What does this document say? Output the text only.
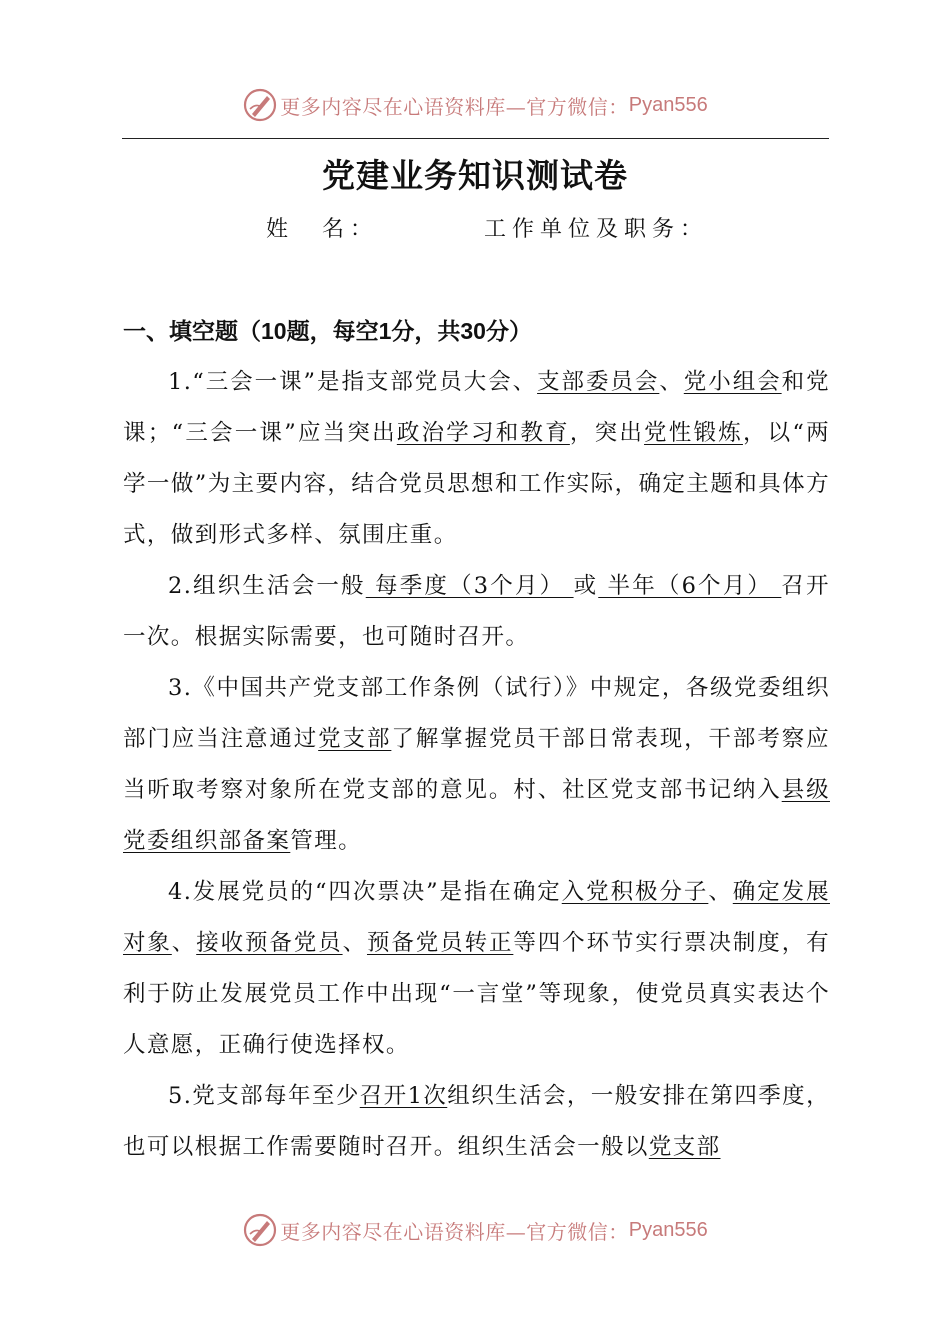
更多内容尽在心语资料库—官方微信： Pyan556
党建业务知识测试卷
姓　名：	工作单位及职务：
一、填空题（10题，每空1分，共30分）

1.“三会一课”是指支部党员大会、支部委员会、党小组会和党课；“三会一课”应当突出政治学习和教育，突出党性锻炼，以“两学一做”为主要内容，结合党员思想和工作实际，确定主题和具体方式，做到形式多样、氛围庄重。

2.组织生活会一般 每季度（3个月） 或 半年（6个月） 召开一次。根据实际需要，也可随时召开。

3.《中国共产党支部工作条例（试行）》中规定，各级党委组织部门应当注意通过党支部了解掌握党员干部日常表现，干部考察应当听取考察对象所在党支部的意见。村、社区党支部书记纳入县级党委组织部备案管理。

4.发展党员的“四次票决”是指在确定入党积极分子、确定发展对象、接收预备党员、预备党员转正等四个环节实行票决制度，有利于防止发展党员工作中出现“一言堂”等现象，使党员真实表达个人意愿，正确行使选择权。

5.党支部每年至少召开1次组织生活会，一般安排在第四季度，也可以根据工作需要随时召开。组织生活会一般以党支部

更多内容尽在心语资料库—官方微信： Pyan556
